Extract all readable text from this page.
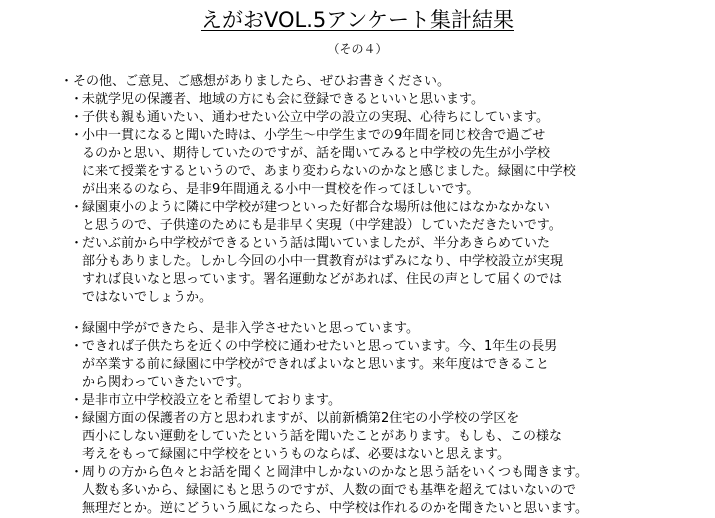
えがおVOL.5アンケート集計結果
（その４）
・その他、ご意見、ご感想がありましたら、ぜひお書きください。
・
未就学児の保護者、地域の方にも会に登録できるといいと思います。
・
子供も親も通いたい、通わせたい公立中学の設立の実現、心待ちにしています。
・
小中一貫になると聞いた時は、小学生～中学生までの9年間を同じ校舎で過ごせ
るのかと思い、期待していたのですが、話を聞いてみると中学校の先生が小学校
に来て授業をするというので、あまり変わらないのかなと感じました。緑園に中学校
が出来るのなら、是非9年間通える小中一貫校を作ってほしいです。
・
緑園東小のように隣に中学校が建つといった好都合な場所は他にはなかなかない
と思うので、子供達のためにも是非早く実現（中学建設）していただきたいです。
・
だいぶ前から中学校ができるという話は聞いていましたが、半分あきらめていた
部分もありました。しかし今回の小中一貫教育がはずみになり、中学校設立が実現
すれば良いなと思っています。署名運動などがあれば、住民の声として届くのでは
ではないでしょうか。
・
緑園中学ができたら、是非入学させたいと思っています。
・
できれば子供たちを近くの中学校に通わせたいと思っています。今、1年生の長男
が卒業する前に緑園に中学校ができればよいなと思います。来年度はできること
から関わっていきたいです。
・
是非市立中学校設立をと希望しております。
・
緑園方面の保護者の方と思われますが、以前新橋第2住宅の小学校の学区を
西小にしない運動をしていたという話を聞いたことがあります。もしも、この様な
考えをもって緑園に中学校をというものならば、必要はないと思えます。
・
周りの方から色々とお話を聞くと岡津中しかないのかなと思う話をいくつも聞きます。
人数も多いから、緑園にもと思うのですが、人数の面でも基準を超えてはいないので
無理だとか。逆にどういう風になったら、中学校は作れるのかを聞きたいと思います。
